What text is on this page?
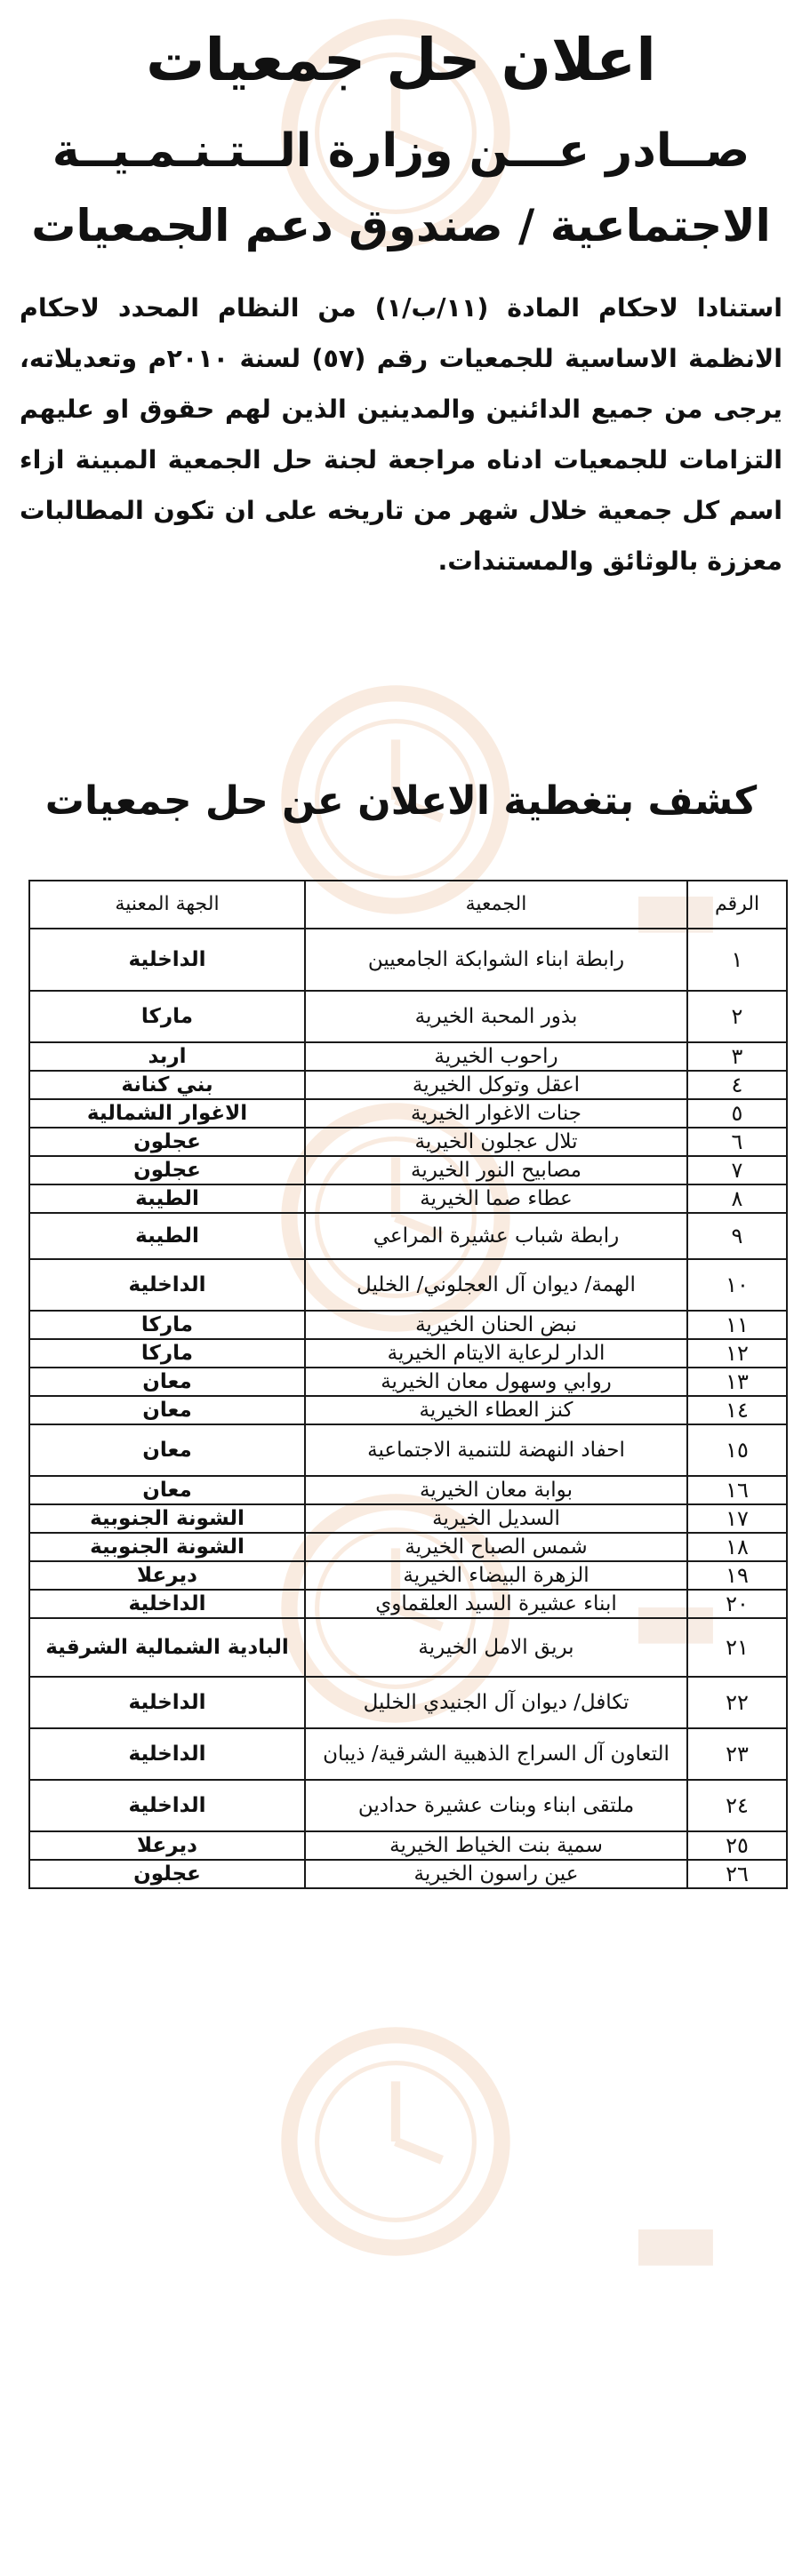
▬
▬
▬
اعلان حل جمعيات
صــادر عـــن وزارة الــتـنـمـيــة
الاجتماعية / صندوق دعم الجمعيات
استنادا لاحكام المادة (١١/ب/١) من النظام المحدد لاحكام الانظمة الاساسية للجمعيات رقم (٥٧) لسنة ٢٠١٠م وتعديلاته، يرجى من جميع الدائنين والمدينين الذين لهم حقوق او عليهم التزامات للجمعيات ادناه مراجعة لجنة حل الجمعية المبينة ازاء اسم كل جمعية خلال شهر من تاريخه على ان تكون المطالبات معززة بالوثائق والمستندات.
كشف بتغطية الاعلان عن حل جمعيات
الرقم	الجمعية	الجهة المعنية
١	رابطة ابناء الشوابكة الجامعيين	الداخلية
٢	بذور المحبة الخيرية	ماركا
٣	راحوب الخيرية	اربد
٤	اعقل وتوكل الخيرية	بني كنانة
٥	جنات الاغوار الخيرية	الاغوار الشمالية
٦	تلال عجلون الخيرية	عجلون
٧	مصابيح النور الخيرية	عجلون
٨	عطاء صما الخيرية	الطيبة
٩	رابطة شباب عشيرة المراعي	الطيبة
١٠	الهمة/ ديوان آل العجلوني/ الخليل	الداخلية
١١	نبض الحنان الخيرية	ماركا
١٢	الدار لرعاية الايتام الخيرية	ماركا
١٣	روابي وسهول معان الخيرية	معان
١٤	كنز العطاء الخيرية	معان
١٥	احفاد النهضة للتنمية الاجتماعية	معان
١٦	بوابة معان الخيرية	معان
١٧	السديل الخيرية	الشونة الجنوبية
١٨	شمس الصباح الخيرية	الشونة الجنوبية
١٩	الزهرة البيضاء الخيرية	ديرعلا
٢٠	ابناء عشيرة السيد العلقماوي	الداخلية
٢١	بريق الامل الخيرية	البادية الشمالية الشرقية
٢٢	تكافل/ ديوان آل الجنيدي الخليل	الداخلية
٢٣	التعاون آل السراج الذهبية الشرقية/ ذيبان	الداخلية
٢٤	ملتقى ابناء وبنات عشيرة حدادين	الداخلية
٢٥	سمية بنت الخياط الخيرية	ديرعلا
٢٦	عين راسون الخيرية	عجلون
